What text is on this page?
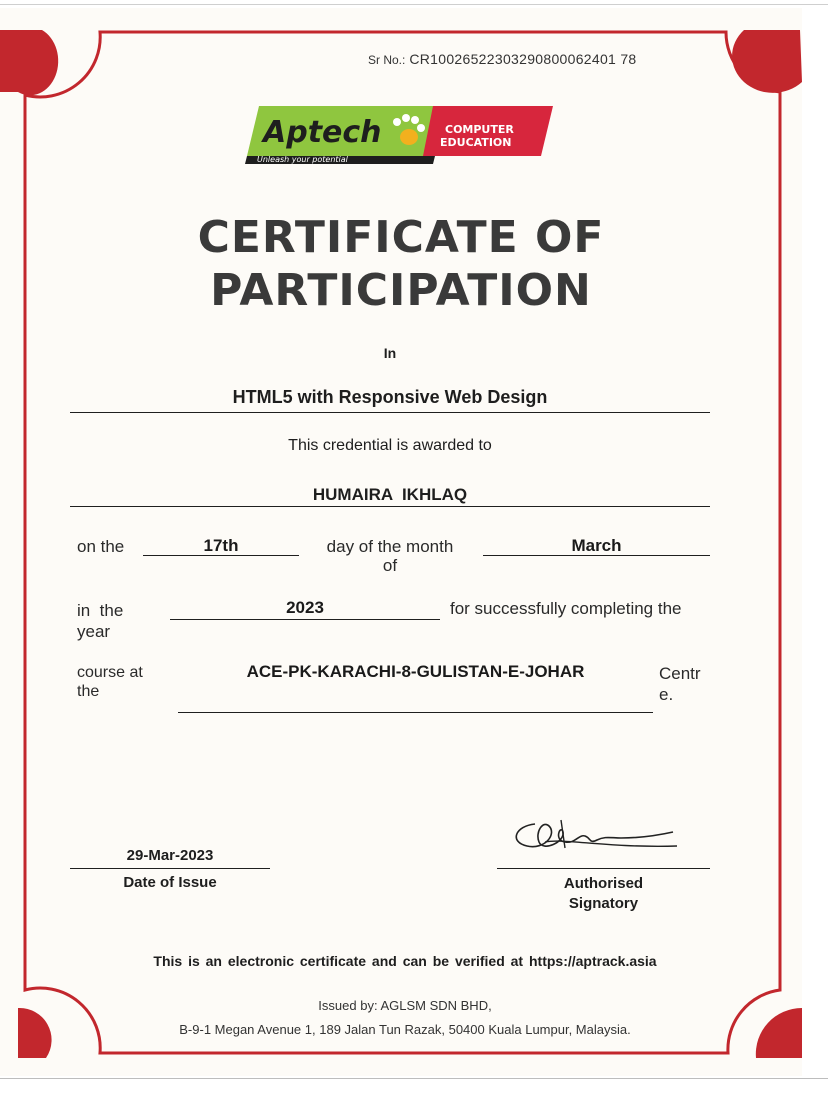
Sr No.: CR10026522303290800062401 78
Aptech	COMPUTER
EDUCATION
Unleash your potential
CERTIFICATE OF
PARTICIPATION
In
HTML5 with Responsive Web Design
This credential is awarded to
HUMAIRA  IKHLAQ
on the	17th	day of the month
of
March
in  the
year
2023	for successfully completing the
course at
the
ACE-PK-KARACHI-8-GULISTAN-E-JOHAR	Centr
e.
29-Mar-2023
Date of Issue	Authorised
Signatory
This is an electronic certificate and can be verified at https://aptrack.asia
Issued by: AGLSM SDN BHD,
B-9-1 Megan Avenue 1, 189 Jalan Tun Razak, 50400 Kuala Lumpur, Malaysia.
